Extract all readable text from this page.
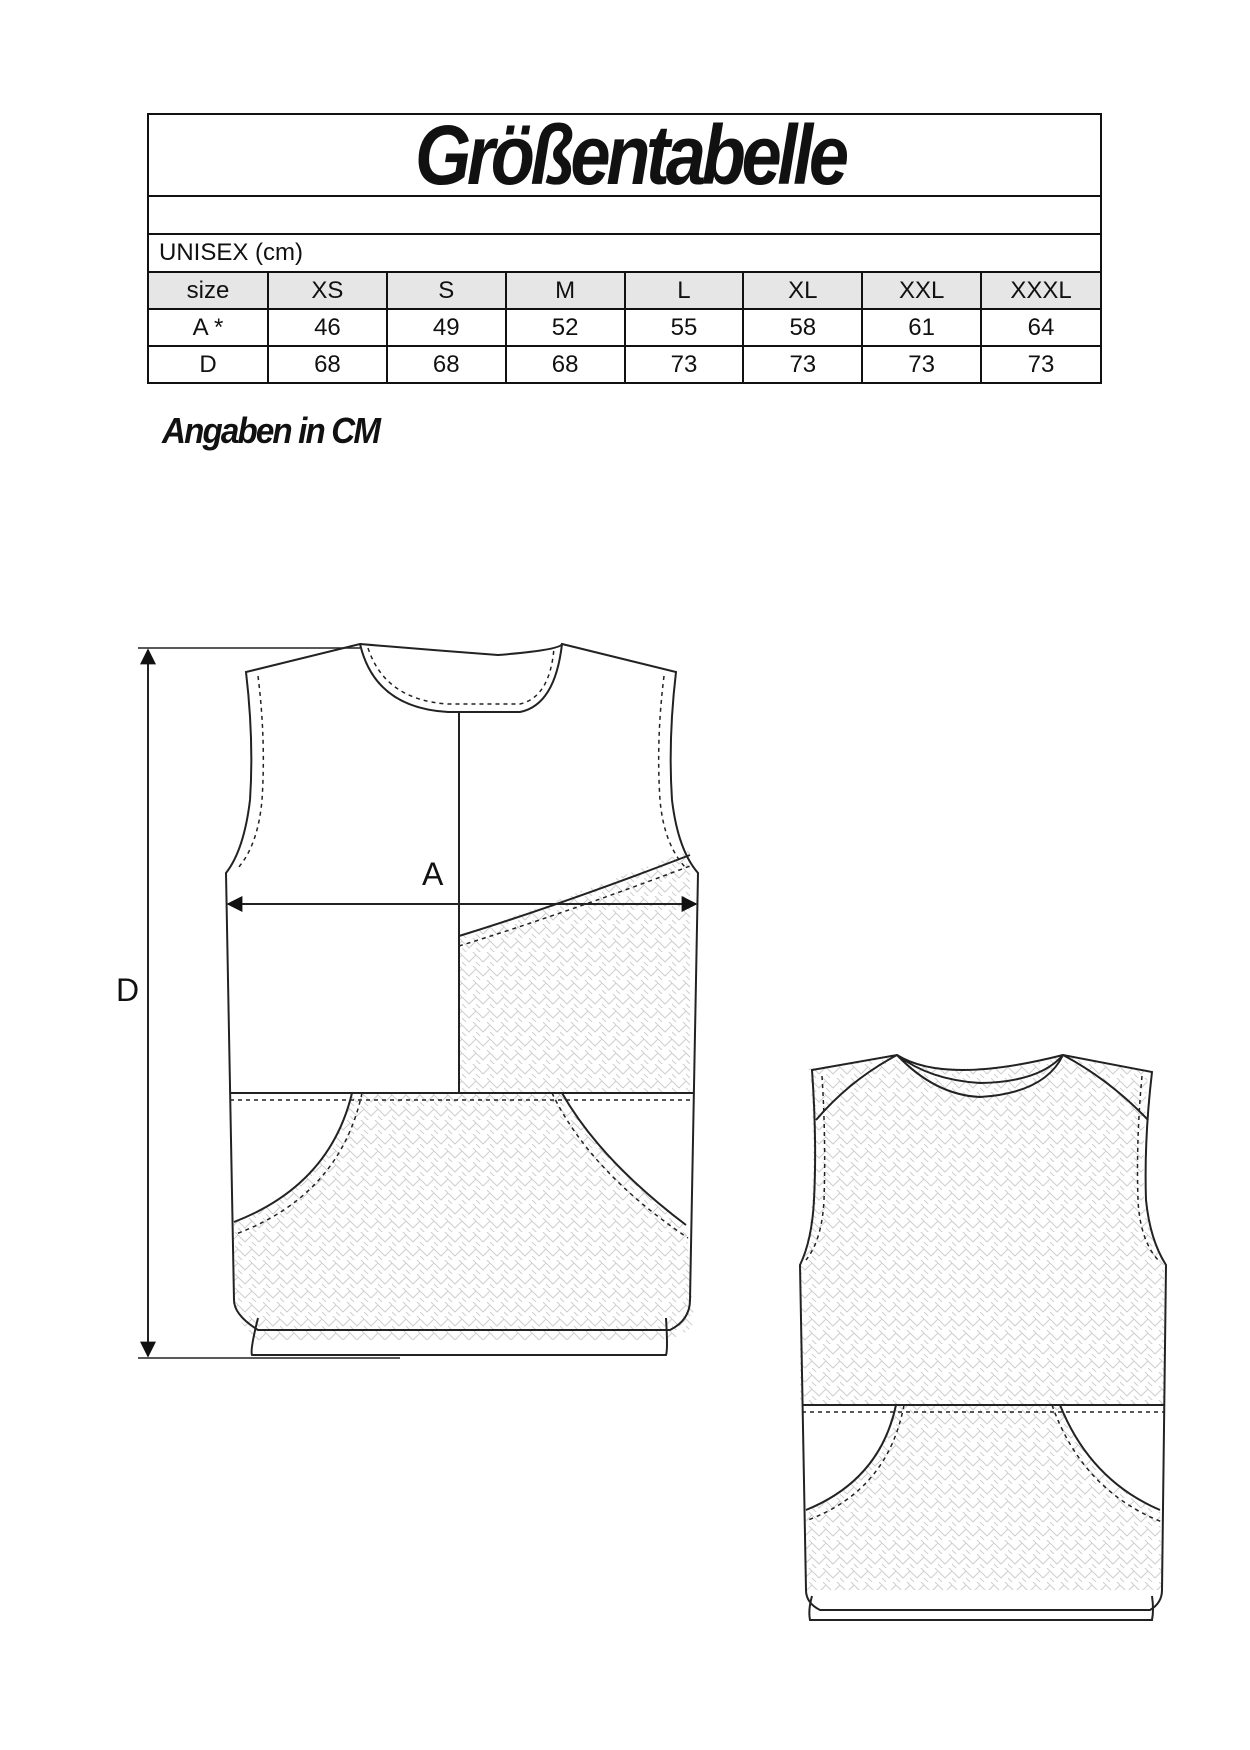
Größentabelle
UNISEX (cm)
size	XS	S	M	L	XL	XXL	XXXL
A *	46	49	52	55	58	61	64
D	68	68	68	73	73	73	73
Angaben in CM
A
D
